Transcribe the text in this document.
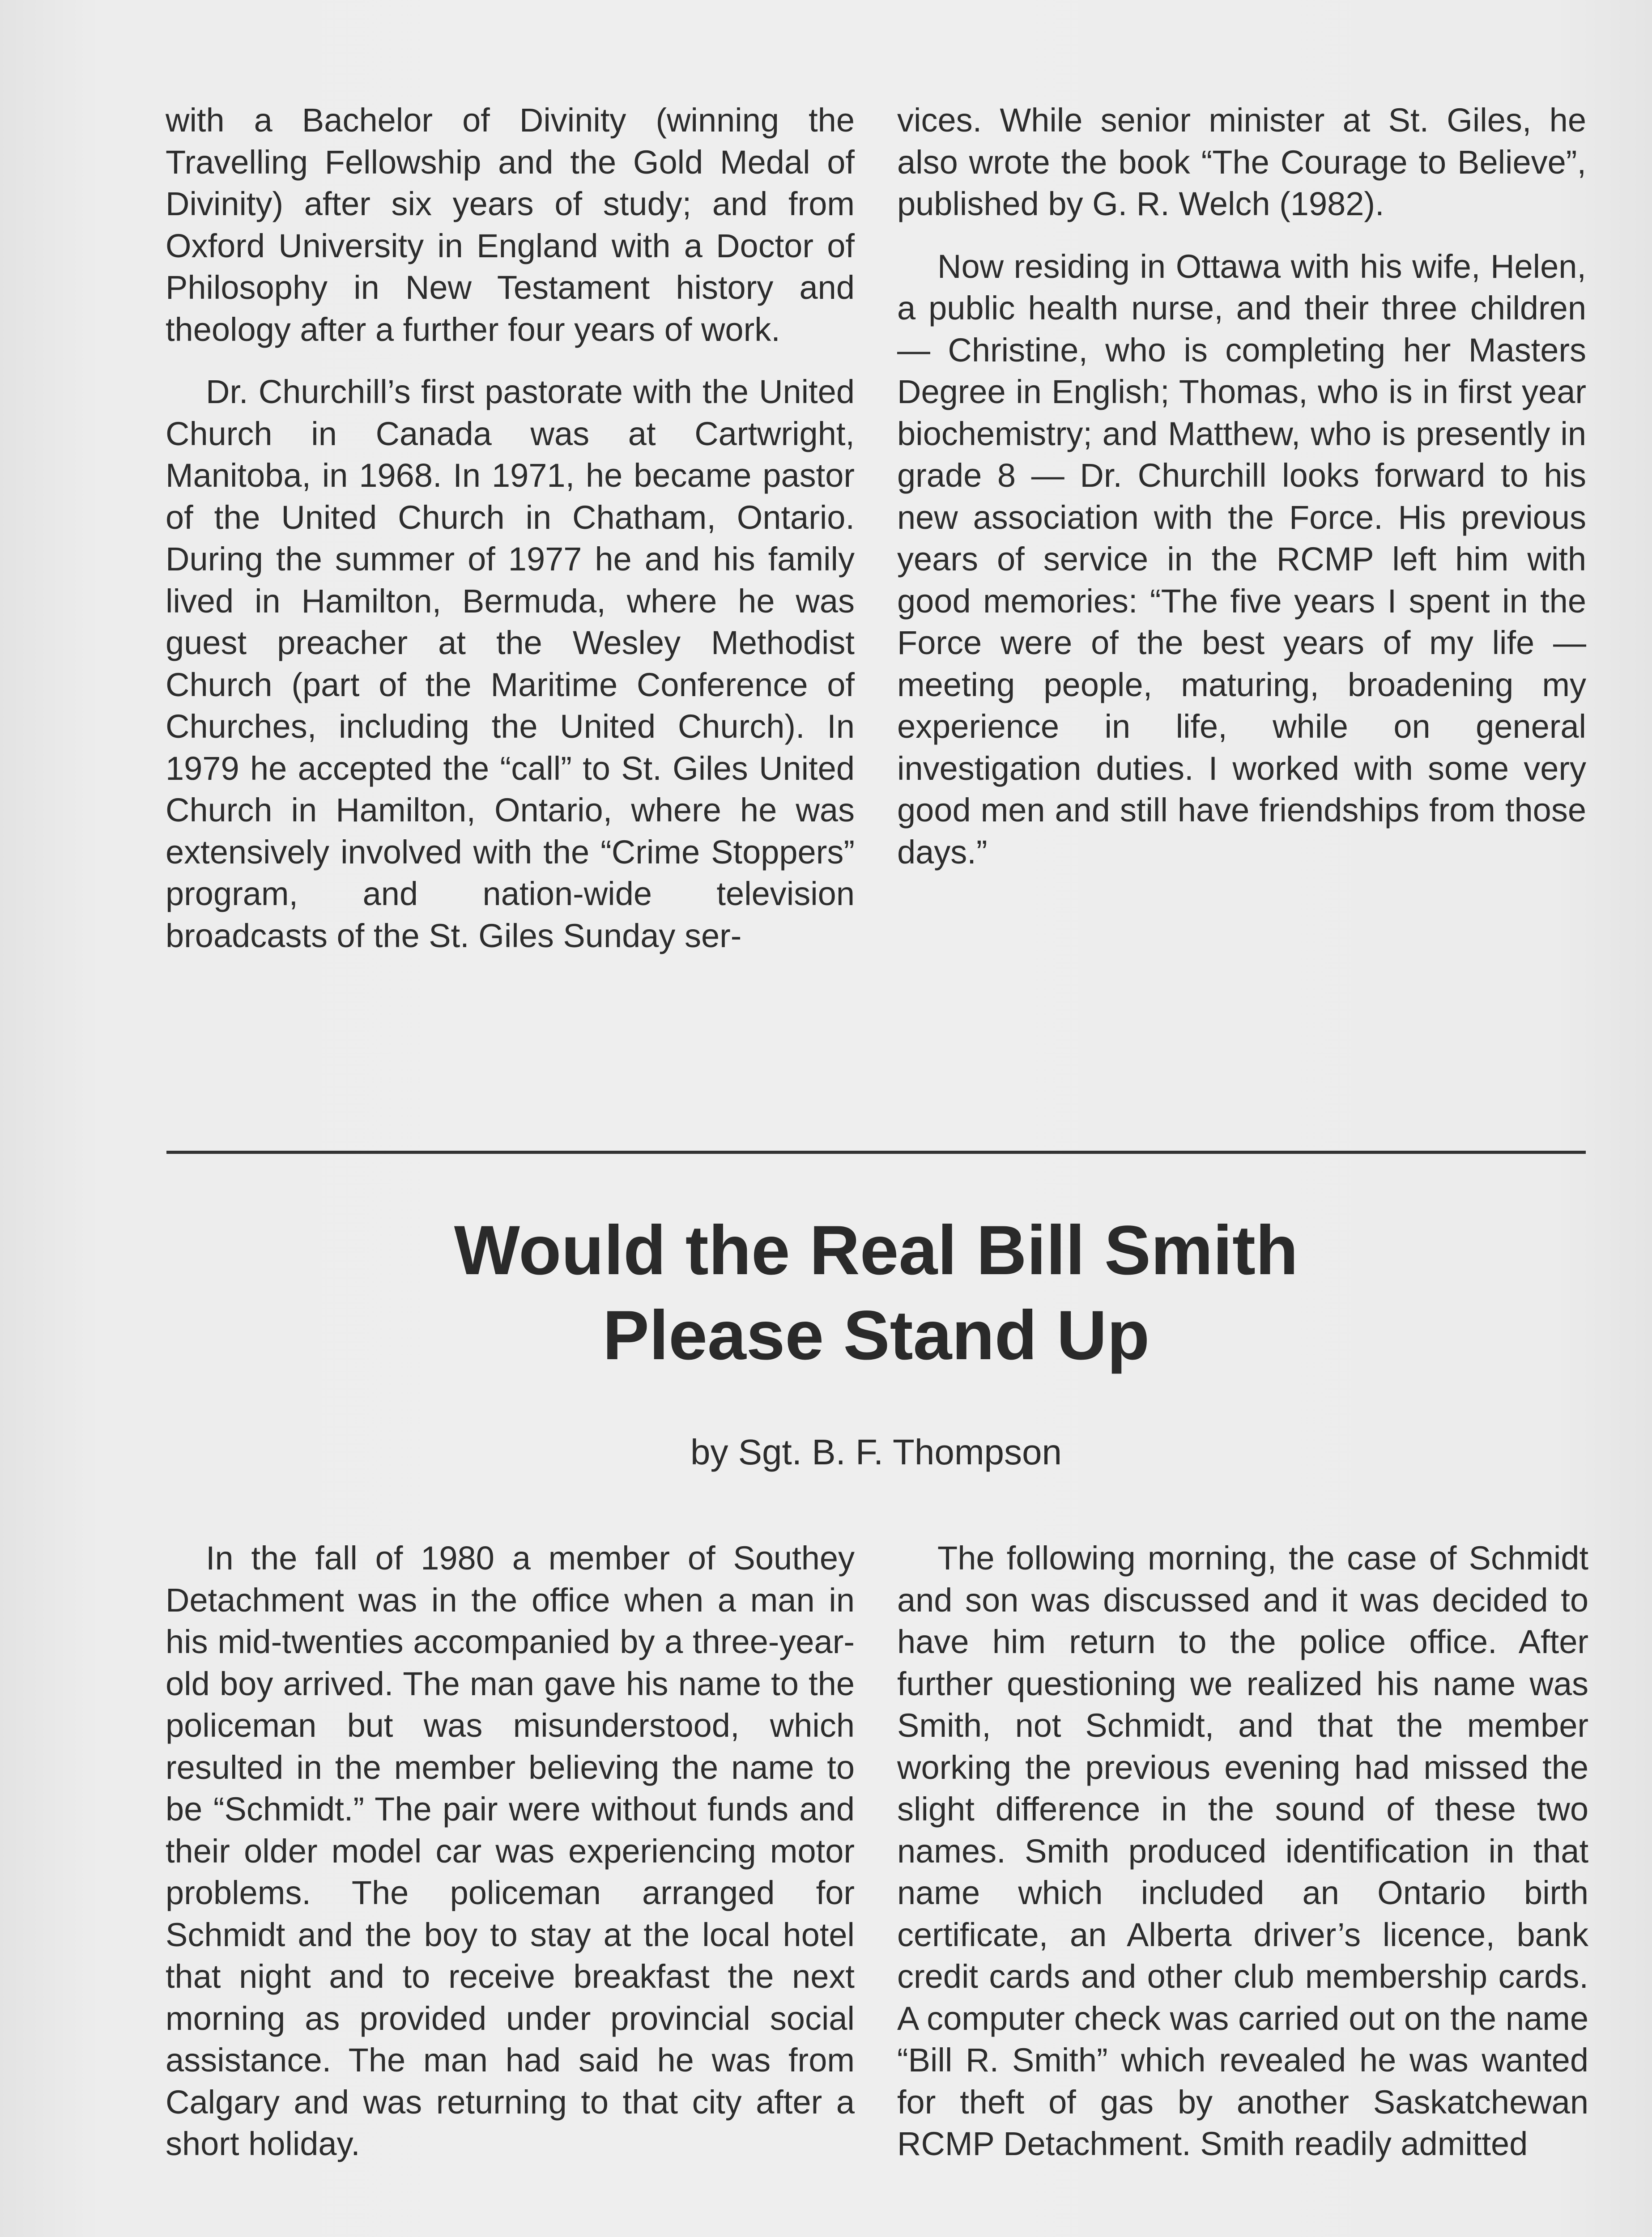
with a Bachelor of Divinity (winning the Travelling Fellowship and the Gold Medal of Divinity) after six years of study; and from Oxford University in England with a Doctor of Philosophy in New Testament history and theology after a further four years of work.

Dr. Churchill’s first pastorate with the United Church in Canada was at Cartwright, Manitoba, in 1968. In 1971, he became pastor of the United Church in Chatham, Ontario. During the summer of 1977 he and his family lived in Hamilton, Bermuda, where he was guest preacher at the Wesley Methodist Church (part of the Maritime Conference of Churches, including the United Church). In 1979 he accepted the “call” to St. Giles United Church in Hamilton, Ontario, where he was extensively involved with the “Crime Stoppers” program, and nation-wide television broadcasts of the St. Giles Sunday ser-

vices. While senior minister at St. Giles, he also wrote the book “The Courage to Believe”, published by G. R. Welch (1982).

Now residing in Ottawa with his wife, Helen, a public health nurse, and their three children — Christine, who is completing her Masters Degree in English; Thomas, who is in first year biochemistry; and Matthew, who is presently in grade 8 — Dr. Churchill looks forward to his new association with the Force. His previous years of service in the RCMP left him with good memories: “The five years I spent in the Force were of the best years of my life — meeting people, maturing, broadening my experience in life, while on general investigation duties. I worked with some very good men and still have friendships from those days.”

Would the Real Bill Smith
Please Stand Up
by Sgt. B. F. Thompson

In the fall of 1980 a member of Southey Detachment was in the office when a man in his mid-twenties accompanied by a three-year-old boy arrived. The man gave his name to the policeman but was misunderstood, which resulted in the member believing the name to be “Schmidt.” The pair were without funds and their older model car was experiencing motor problems. The policeman arranged for Schmidt and the boy to stay at the local hotel that night and to receive breakfast the next morning as provided under provincial social assistance. The man had said he was from Calgary and was returning to that city after a short holiday.

The following morning, the case of Schmidt and son was discussed and it was decided to have him return to the police office. After further questioning we realized his name was Smith, not Schmidt, and that the member working the previous evening had missed the slight difference in the sound of these two names. Smith produced identification in that name which included an Ontario birth certificate, an Alberta driver’s licence, bank credit cards and other club membership cards. A computer check was carried out on the name “Bill R. Smith” which revealed he was wanted for theft of gas by another Saskatchewan RCMP Detachment. Smith readily admitted
